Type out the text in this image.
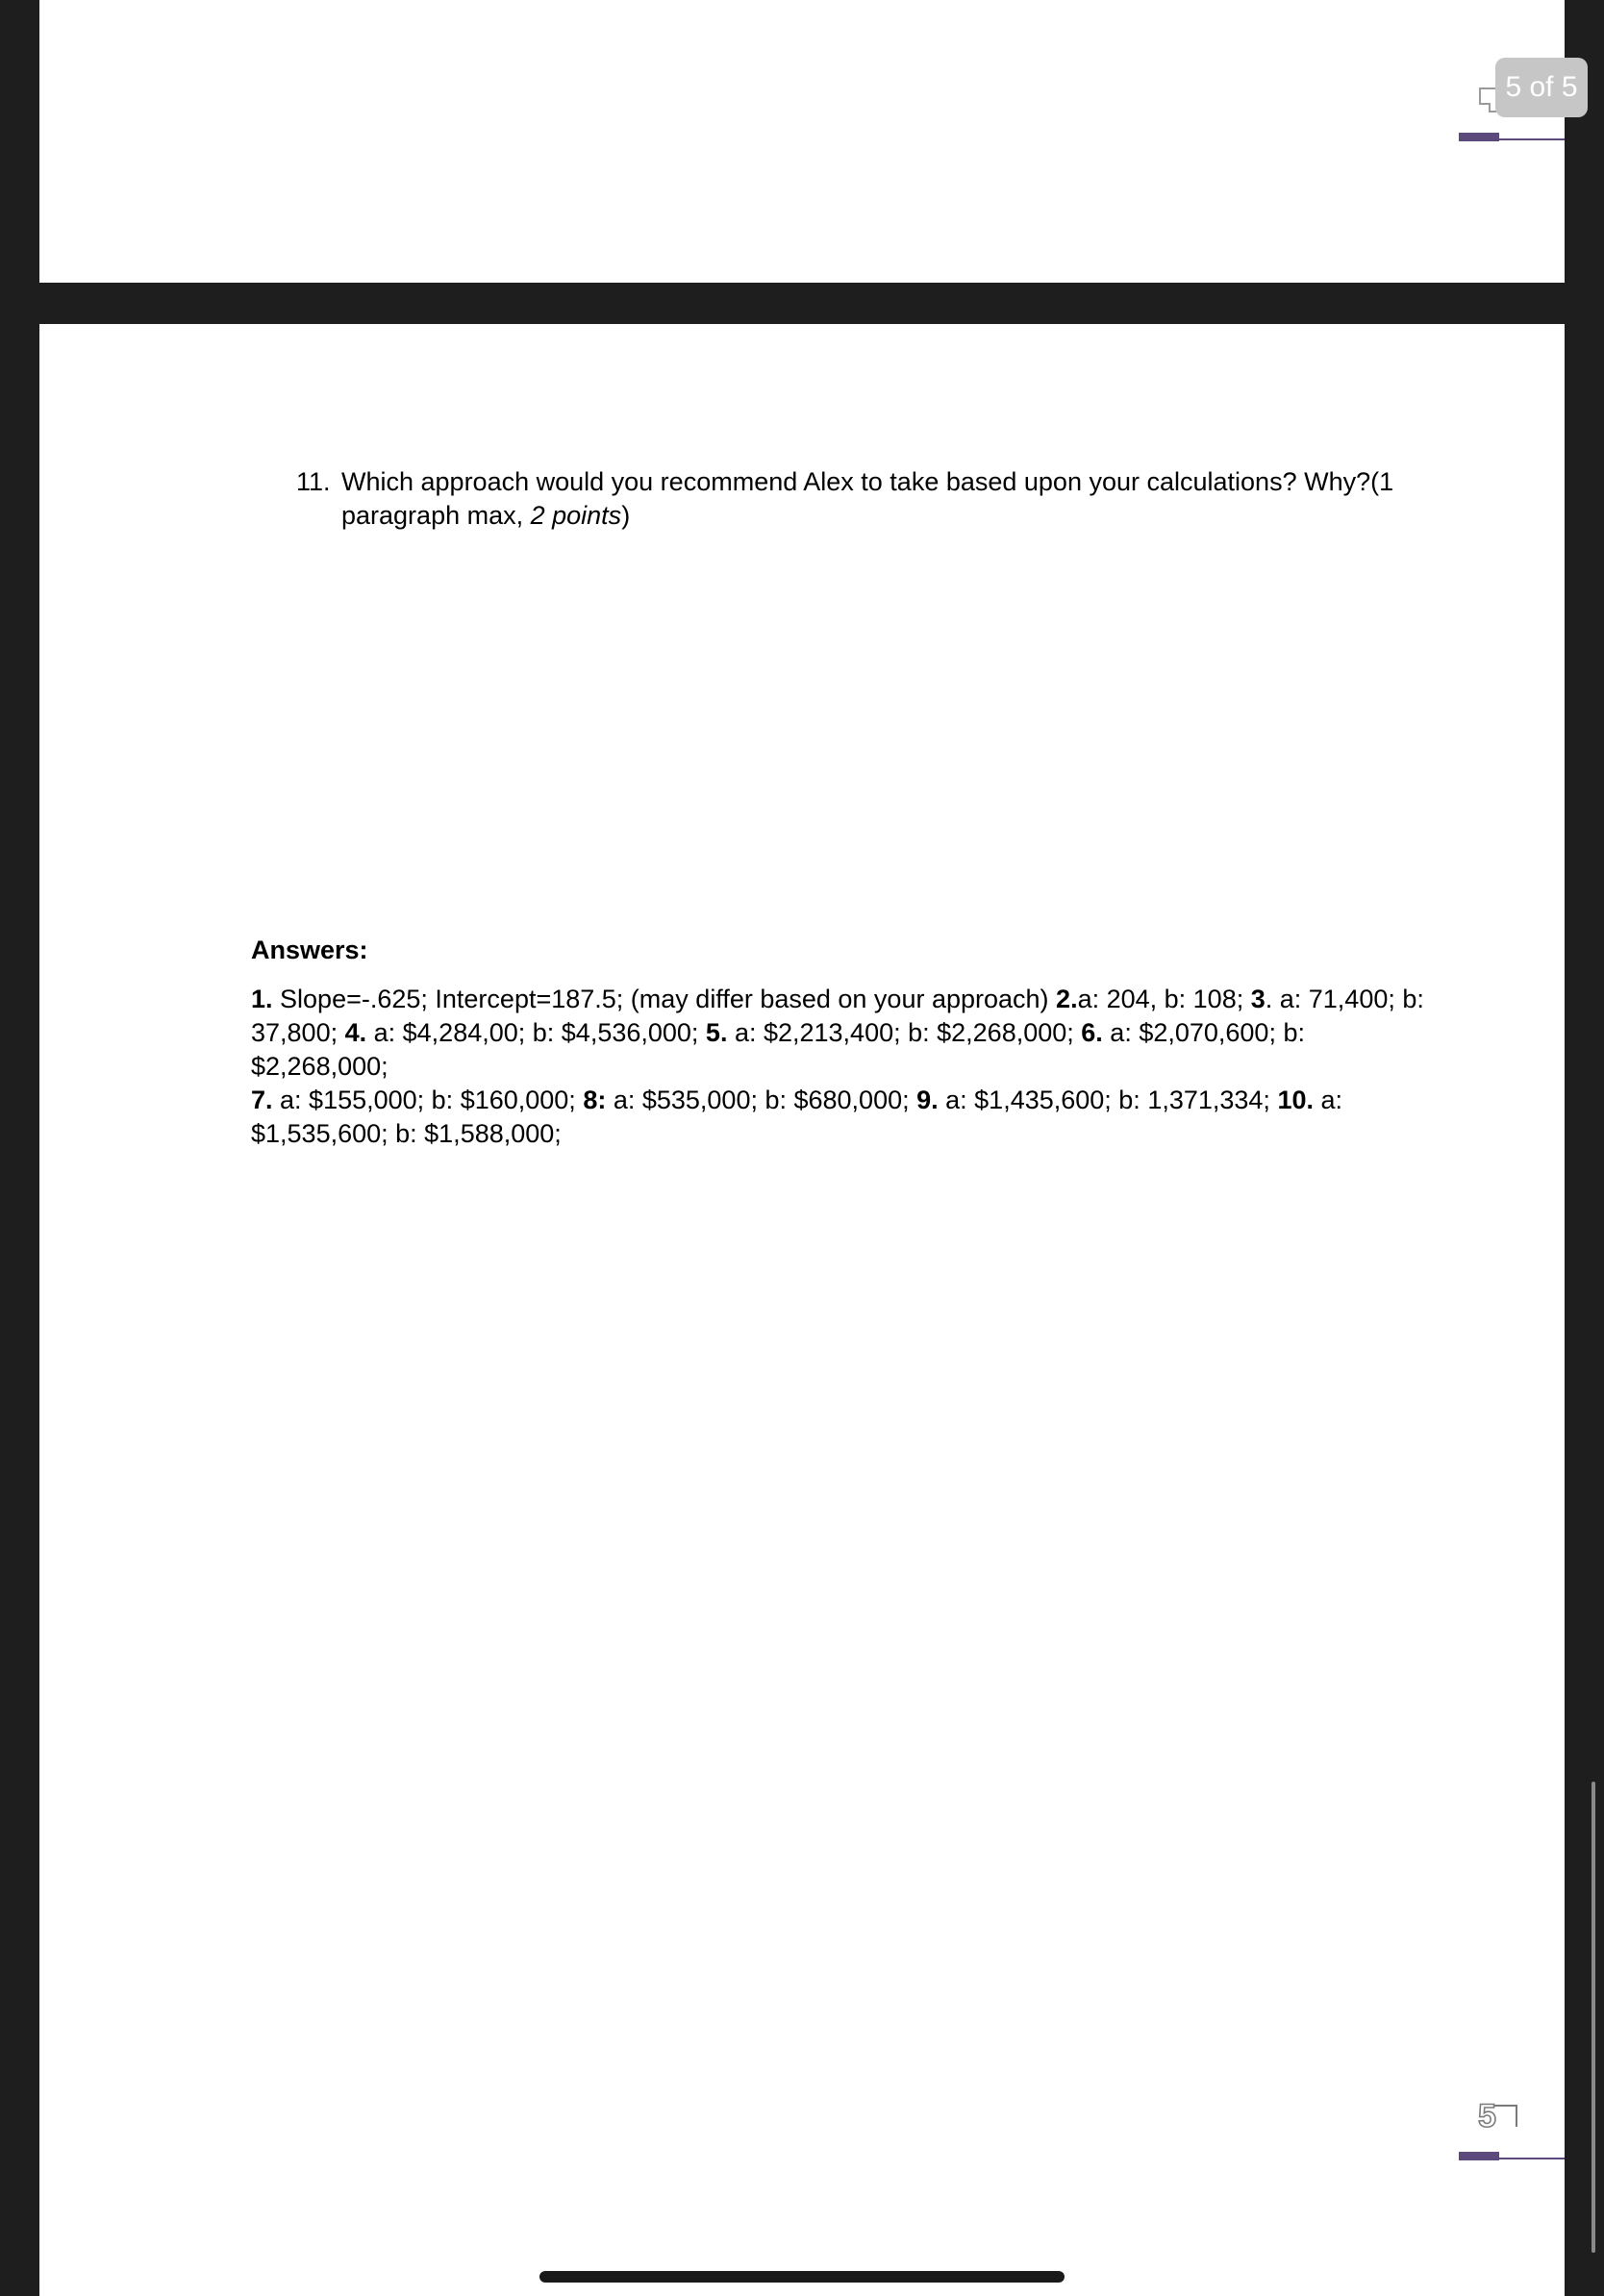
5 of 5
11. Which approach would you recommend Alex to take based upon your calculations? Why?(1 paragraph max, 2 points)
Answers:
1. Slope=-.625; Intercept=187.5; (may differ based on your approach) 2.a: 204, b: 108; 3. a: 71,400; b: 37,800; 4. a: $4,284,00; b: $4,536,000; 5. a: $2,213,400; b: $2,268,000; 6. a: $2,070,600; b: $2,268,000;
7. a: $155,000; b: $160,000; 8: a: $535,000; b: $680,000; 9. a: $1,435,600; b: 1,371,334; 10. a: $1,535,600; b: $1,588,000;
5
